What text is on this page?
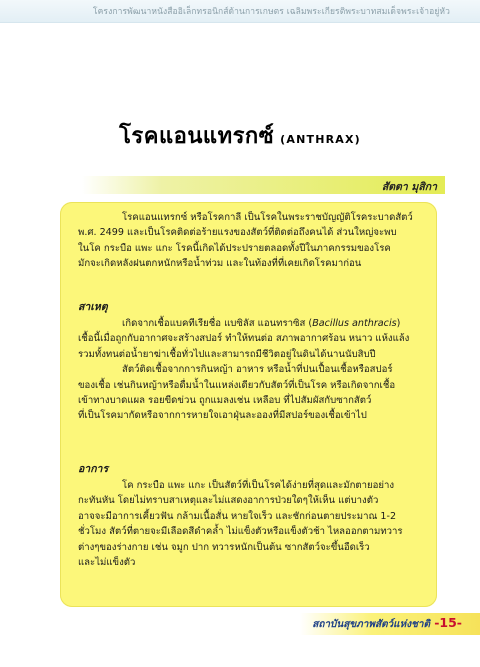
โครงการพัฒนาหนังสืออิเล็กทรอนิกส์ด้านการเกษตร เฉลิมพระเกียรติพระบาทสมเด็จพระเจ้าอยู่หัว
โรคแอนแทรกซ์ (ANTHRAX)
สัตตา มุสิกา
โรคแอนแทรกซ์ หรือโรคกาลี เป็นโรคในพระราชบัญญัติโรคระบาดสัตว์
พ.ศ. 2499 และเป็นโรคติดต่อร้ายแรงของสัตว์ที่ติดต่อถึงคนได้ ส่วนใหญ่จะพบ
ในโค กระบือ แพะ แกะ โรคนี้เกิดได้ประปรายตลอดทั้งปีในภาคกรรมของโรค
มักจะเกิดหลังฝนตกหนักหรือน้ำท่วม และในท้องที่ที่เคยเกิดโรคมาก่อน
สาเหตุ
เกิดจากเชื้อแบคทีเรียชื่อ แบซิลัส แอนทราซิส (Bacillus anthracis)
เชื้อนี้เมื่อถูกกับอากาศจะสร้างสปอร์ ทำให้ทนต่อ สภาพอากาศร้อน หนาว แห้งแล้ง
รวมทั้งทนต่อน้ำยาฆ่าเชื้อทั่วไปและสามารถมีชีวิตอยู่ในดินได้นานนับสิบปี
สัตว์ติดเชื้อจากการกินหญ้า อาหาร หรือน้ำที่ปนเปื้อนเชื้อหรือสปอร์
ของเชื้อ เช่นกินหญ้าหรือดื่มน้ำในแหล่งเดียวกับสัตว์ที่เป็นโรค หรือเกิดจากเชื้อ
เข้าทางบาดแผล รอยขีดข่วน ถูกแมลงเช่น เหลือบ ที่ไปสัมผัสกับซากสัตว์
ที่เป็นโรคมากัดหรือจากการหายใจเอาฝุ่นละอองที่มีสปอร์ของเชื้อเข้าไป
อาการ
โค กระบือ แพะ แกะ เป็นสัตว์ที่เป็นโรคได้ง่ายที่สุดและมักตายอย่าง
กะทันหัน โดยไม่ทราบสาเหตุและไม่แสดงอาการป่วยใดๆให้เห็น แต่บางตัว
อาจจะมีอาการเคี้ยวฟัน กล้ามเนื้อสั่น หายใจเร็ว และชักก่อนตายประมาณ 1-2
ชั่วโมง สัตว์ที่ตายจะมีเลือดสีดำคล้ำ ไม่แข็งตัวหรือแข็งตัวช้า ไหลออกตามทวาร
ต่างๆของร่างกาย เช่น จมูก ปาก ทวารหนักเป็นต้น ซากสัตว์จะขึ้นอืดเร็ว
และไม่แข็งตัว
สถาบันสุขภาพสัตว์แห่งชาติ -15-
